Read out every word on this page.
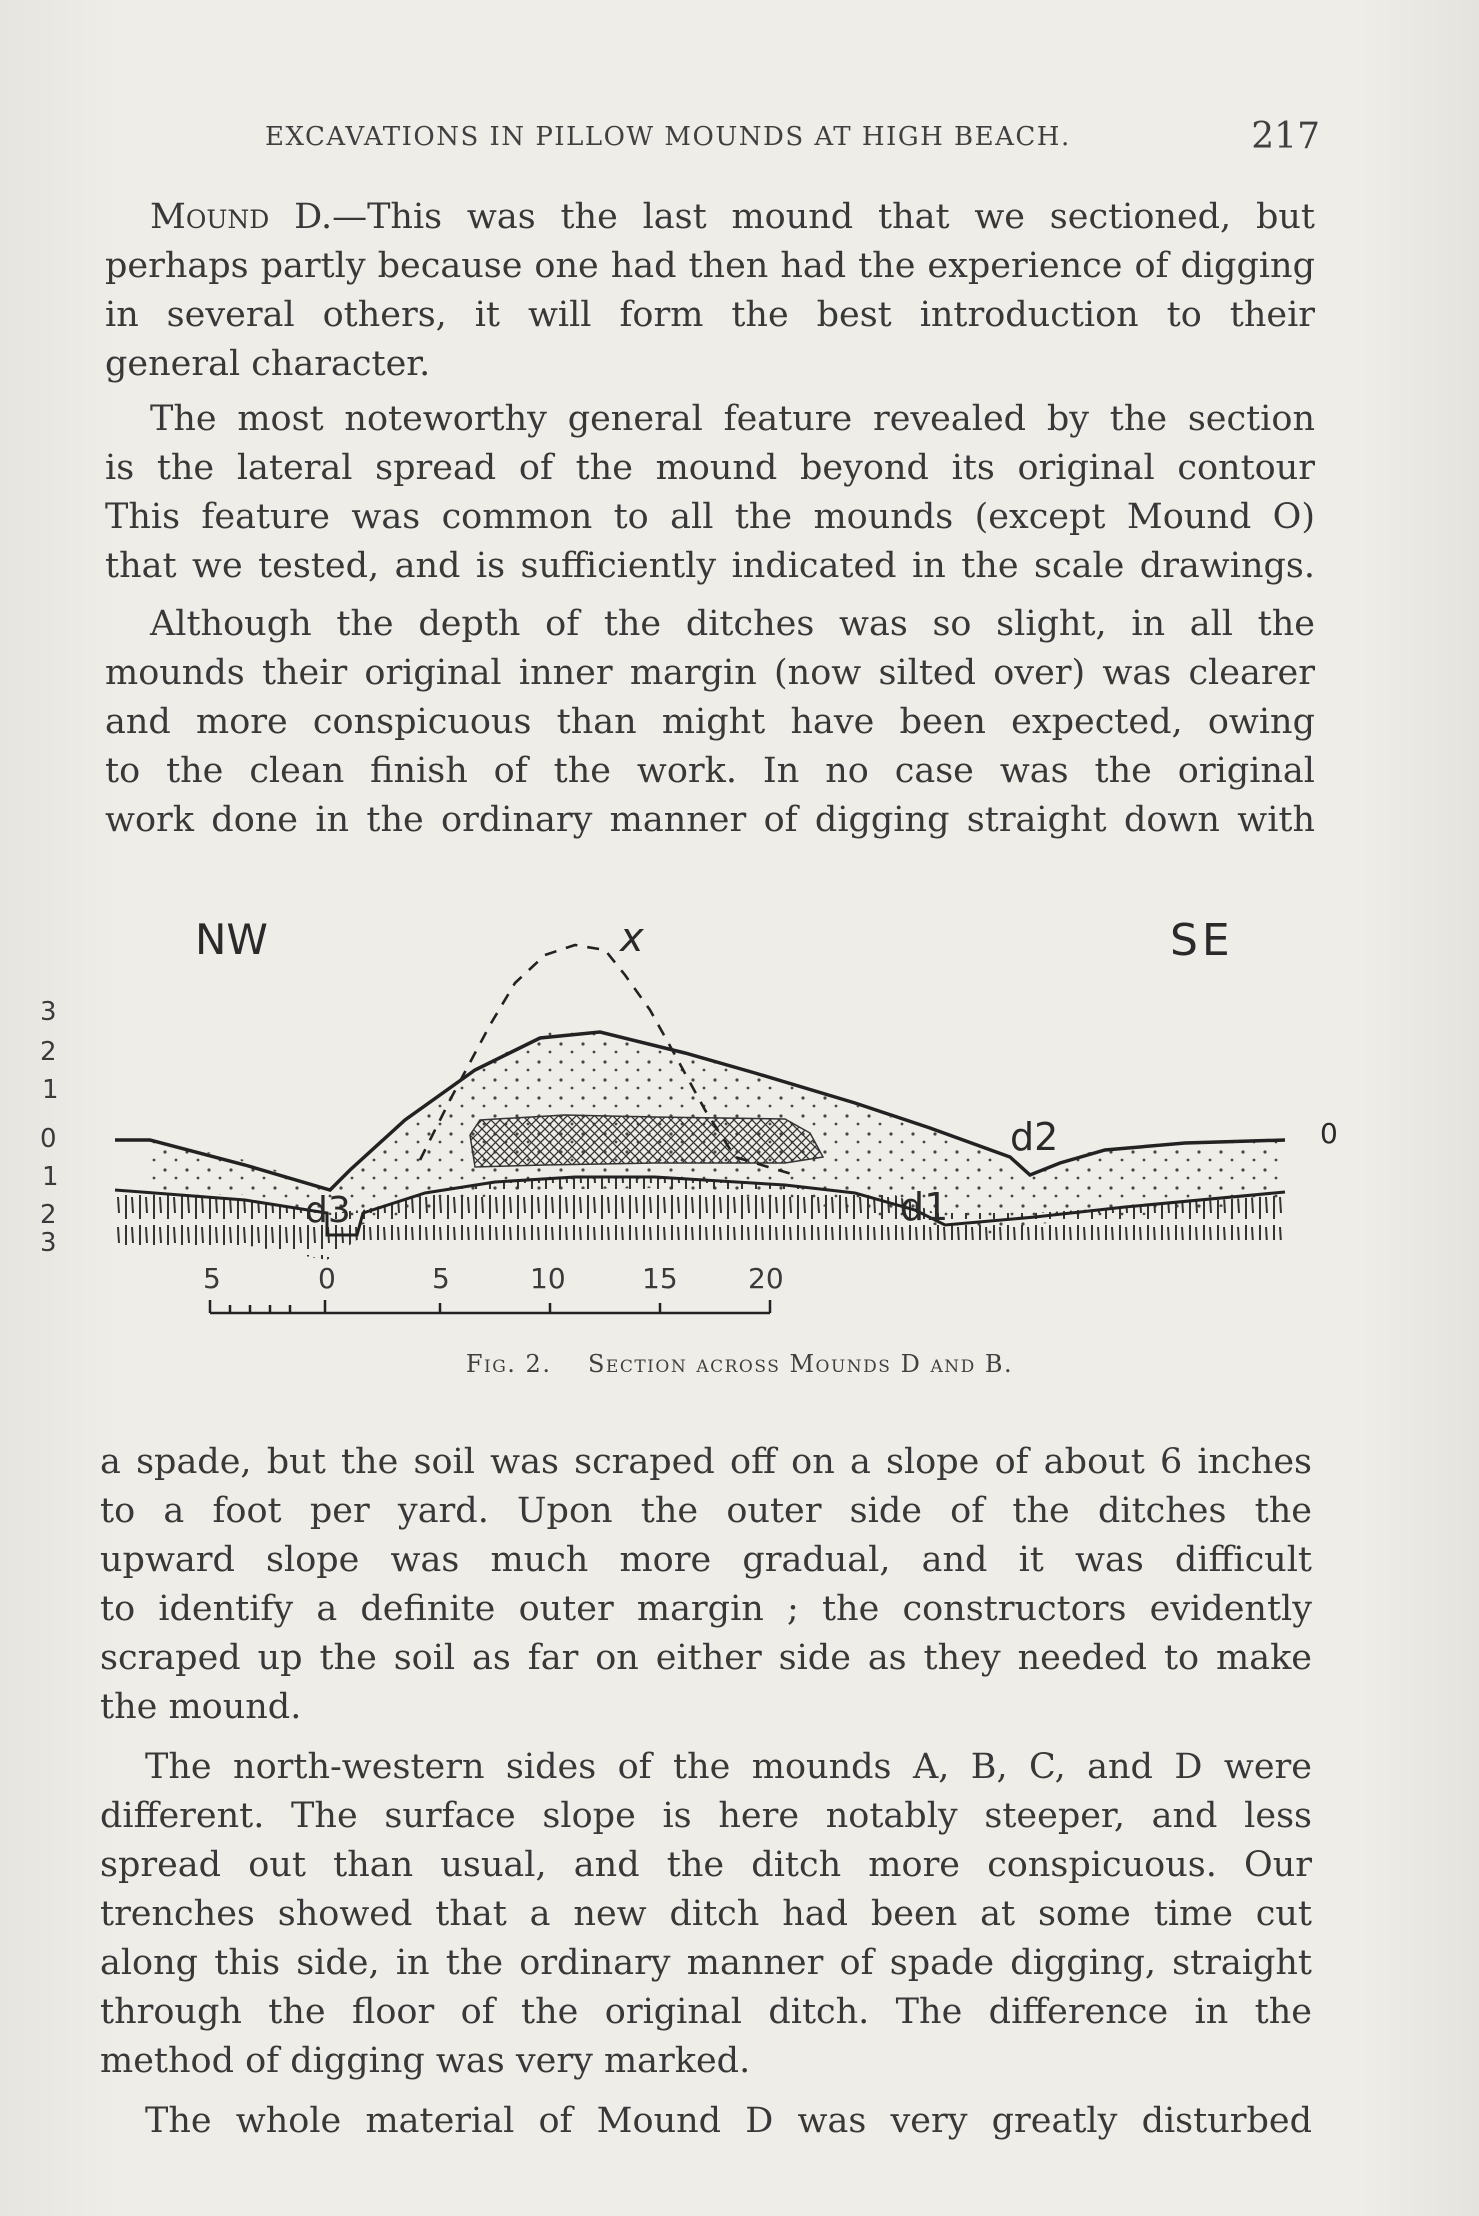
EXCAVATIONS IN PILLOW MOUNDS AT HIGH BEACH.	217
Mound D.—This was the last mound that we sectioned, but
perhaps partly because one had then had the experience of digging
in several others, it will form the best introduction to their
general character.
The most noteworthy general feature revealed by the section
is the lateral spread of the mound beyond its original contour
This feature was common to all the mounds (except Mound O)
that we tested, and is sufficiently indicated in the scale drawings.
Although the depth of the ditches was so slight, in all the
mounds their original inner margin (now silted over) was clearer
and more conspicuous than might have been expected, owing
to the clean finish of the work. In no case was the original
work done in the ordinary manner of digging straight down with
NW	SE
x
d2
d1
d3
0
3
2
1
0
1
2
3
5	0	5	10	15	20
Fig. 2. Section across Mounds D and B.
a spade, but the soil was scraped off on a slope of about 6 inches
to a foot per yard. Upon the outer side of the ditches the
upward slope was much more gradual, and it was difficult
to identify a definite outer margin ; the constructors evidently
scraped up the soil as far on either side as they needed to make
the mound.
The north-western sides of the mounds A, B, C, and D were
different. The surface slope is here notably steeper, and less
spread out than usual, and the ditch more conspicuous. Our
trenches showed that a new ditch had been at some time cut
along this side, in the ordinary manner of spade digging, straight
through the floor of the original ditch. The difference in the
method of digging was very marked.
The whole material of Mound D was very greatly disturbed
